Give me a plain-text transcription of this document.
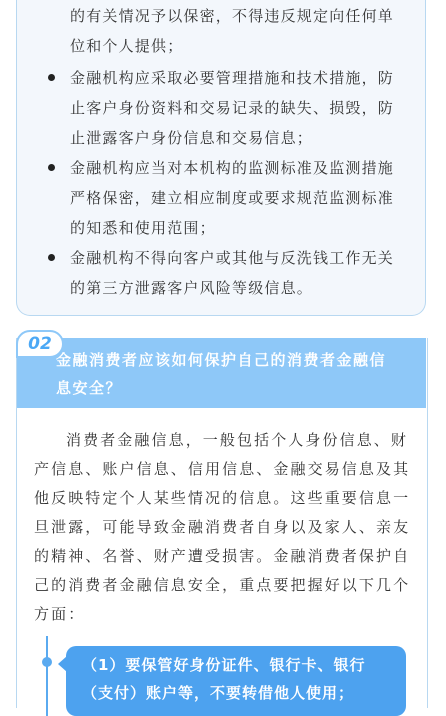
的有关情况予以保密，不得违反规定向任何单
位和个人提供；
金融机构应采取必要管理措施和技术措施，防
止客户身份资料和交易记录的缺失、损毁，防
止泄露客户身份信息和交易信息；
金融机构应当对本机构的监测标准及监测措施
严格保密，建立相应制度或要求规范监测标准
的知悉和使用范围；
金融机构不得向客户或其他与反洗钱工作无关
的第三方泄露客户风险等级信息。
02
金融消费者应该如何保护自己的消费者金融信
息安全？
消费者金融信息，一般包括个人身份信息、财
产信息、账户信息、信用信息、金融交易信息及其
他反映特定个人某些情况的信息。这些重要信息一
旦泄露，可能导致金融消费者自身以及家人、亲友
的精神、名誉、财产遭受损害。金融消费者保护自
己的消费者金融信息安全，重点要把握好以下几个
方面：
（1）要保管好身份证件、银行卡、银行
（支付）账户等，不要转借他人使用；
